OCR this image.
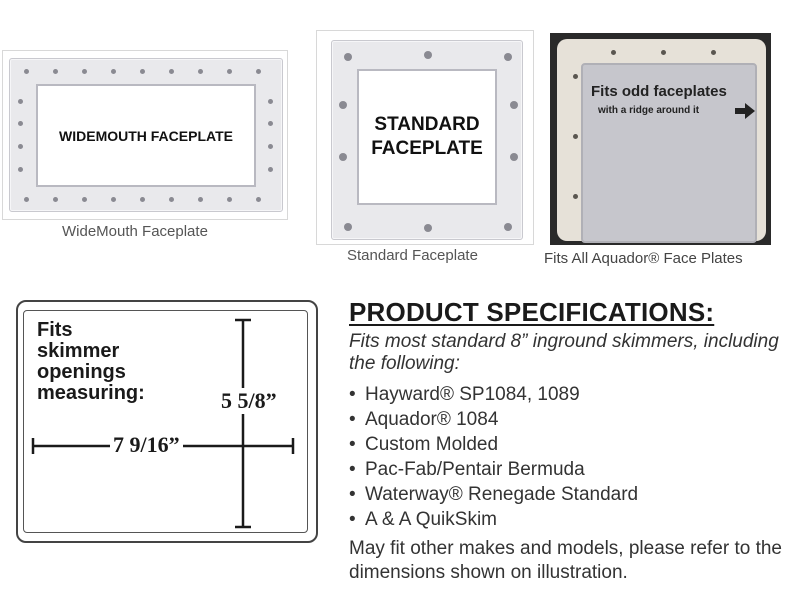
WIDEMOUTH FACEPLATE
WideMouth Faceplate
STANDARD
FACEPLATE
Standard Faceplate
Fits odd faceplates
with a ridge around it
Fits All Aquador® Face Plates
Fits
skimmer
openings
measuring:	5 5/8”
7 9/16”
PRODUCT SPECIFICATIONS:
Fits most standard 8” inground skimmers, including the following:
• Hayward® SP1084, 1089
• Aquador® 1084
• Custom Molded
• Pac-Fab/Pentair Bermuda
• Waterway® Renegade Standard
• A & A QuikSkim
May fit other makes and models, please refer to the dimensions shown on illustration.
